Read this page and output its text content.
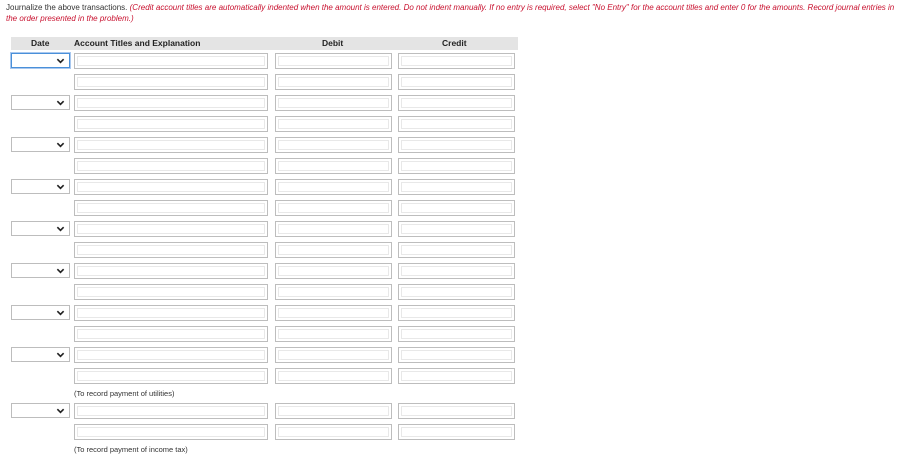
Journalize the above transactions. (Credit account titles are automatically indented when the amount is entered. Do not indent manually. If no entry is required, select "No Entry" for the account titles and enter 0 for the amounts. Record journal entries in the order presented in the problem.)
Date	Account Titles and Explanation	Debit	Credit
(To record payment of utilities)
(To record payment of income tax)
